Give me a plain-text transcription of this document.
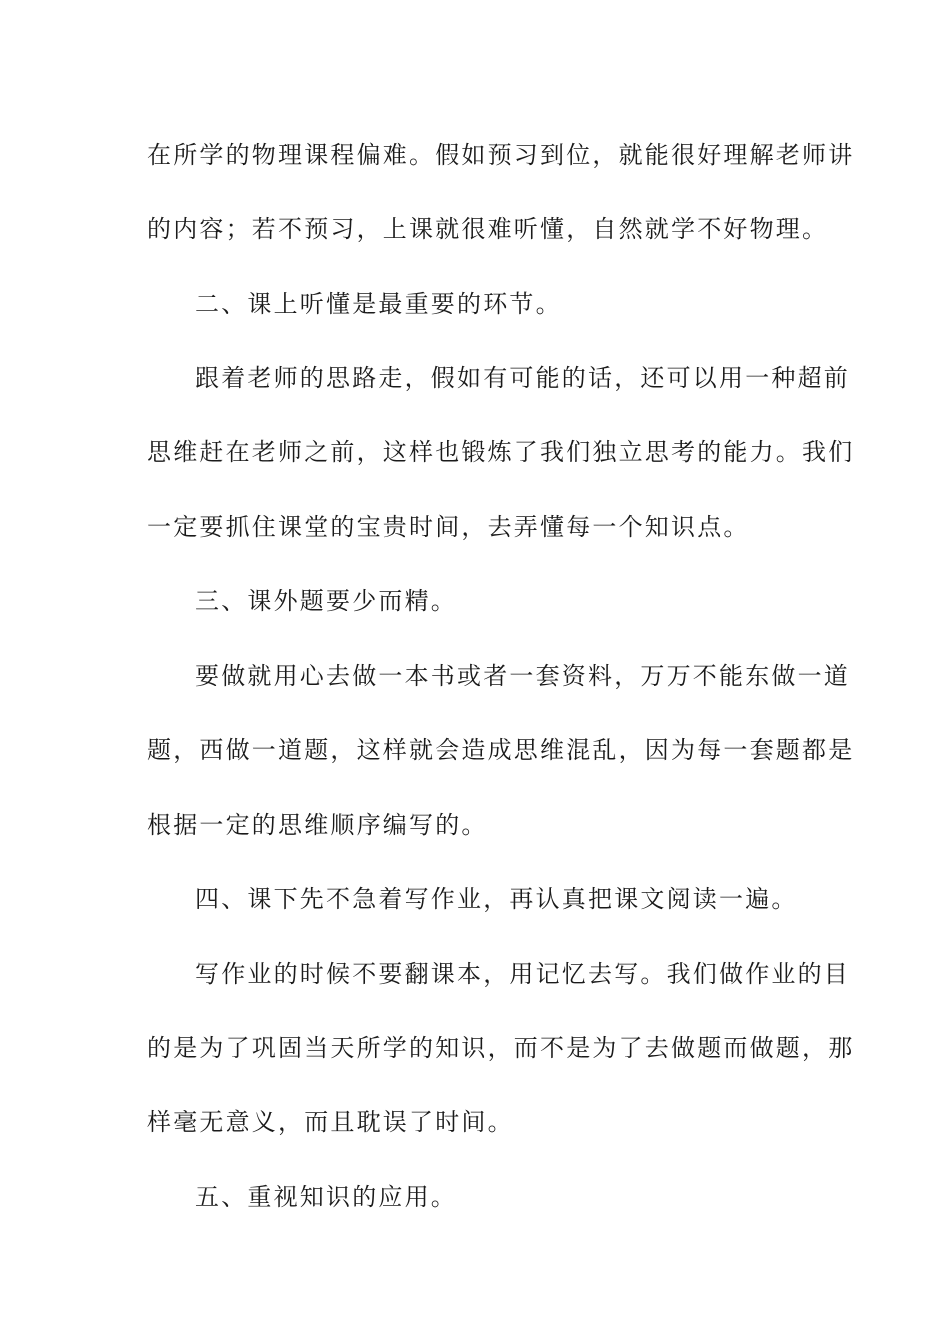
在所学的物理课程偏难。假如预习到位，就能很好理解老师讲
的内容；若不预习，上课就很难听懂，自然就学不好物理。
二、课上听懂是最重要的环节。
跟着老师的思路走，假如有可能的话，还可以用一种超前
思维赶在老师之前，这样也锻炼了我们独立思考的能力。我们
一定要抓住课堂的宝贵时间，去弄懂每一个知识点。
三、课外题要少而精。
要做就用心去做一本书或者一套资料，万万不能东做一道
题，西做一道题，这样就会造成思维混乱，因为每一套题都是
根据一定的思维顺序编写的。
四、课下先不急着写作业，再认真把课文阅读一遍。
写作业的时候不要翻课本，用记忆去写。我们做作业的目
的是为了巩固当天所学的知识，而不是为了去做题而做题，那
样毫无意义，而且耽误了时间。
五、重视知识的应用。
